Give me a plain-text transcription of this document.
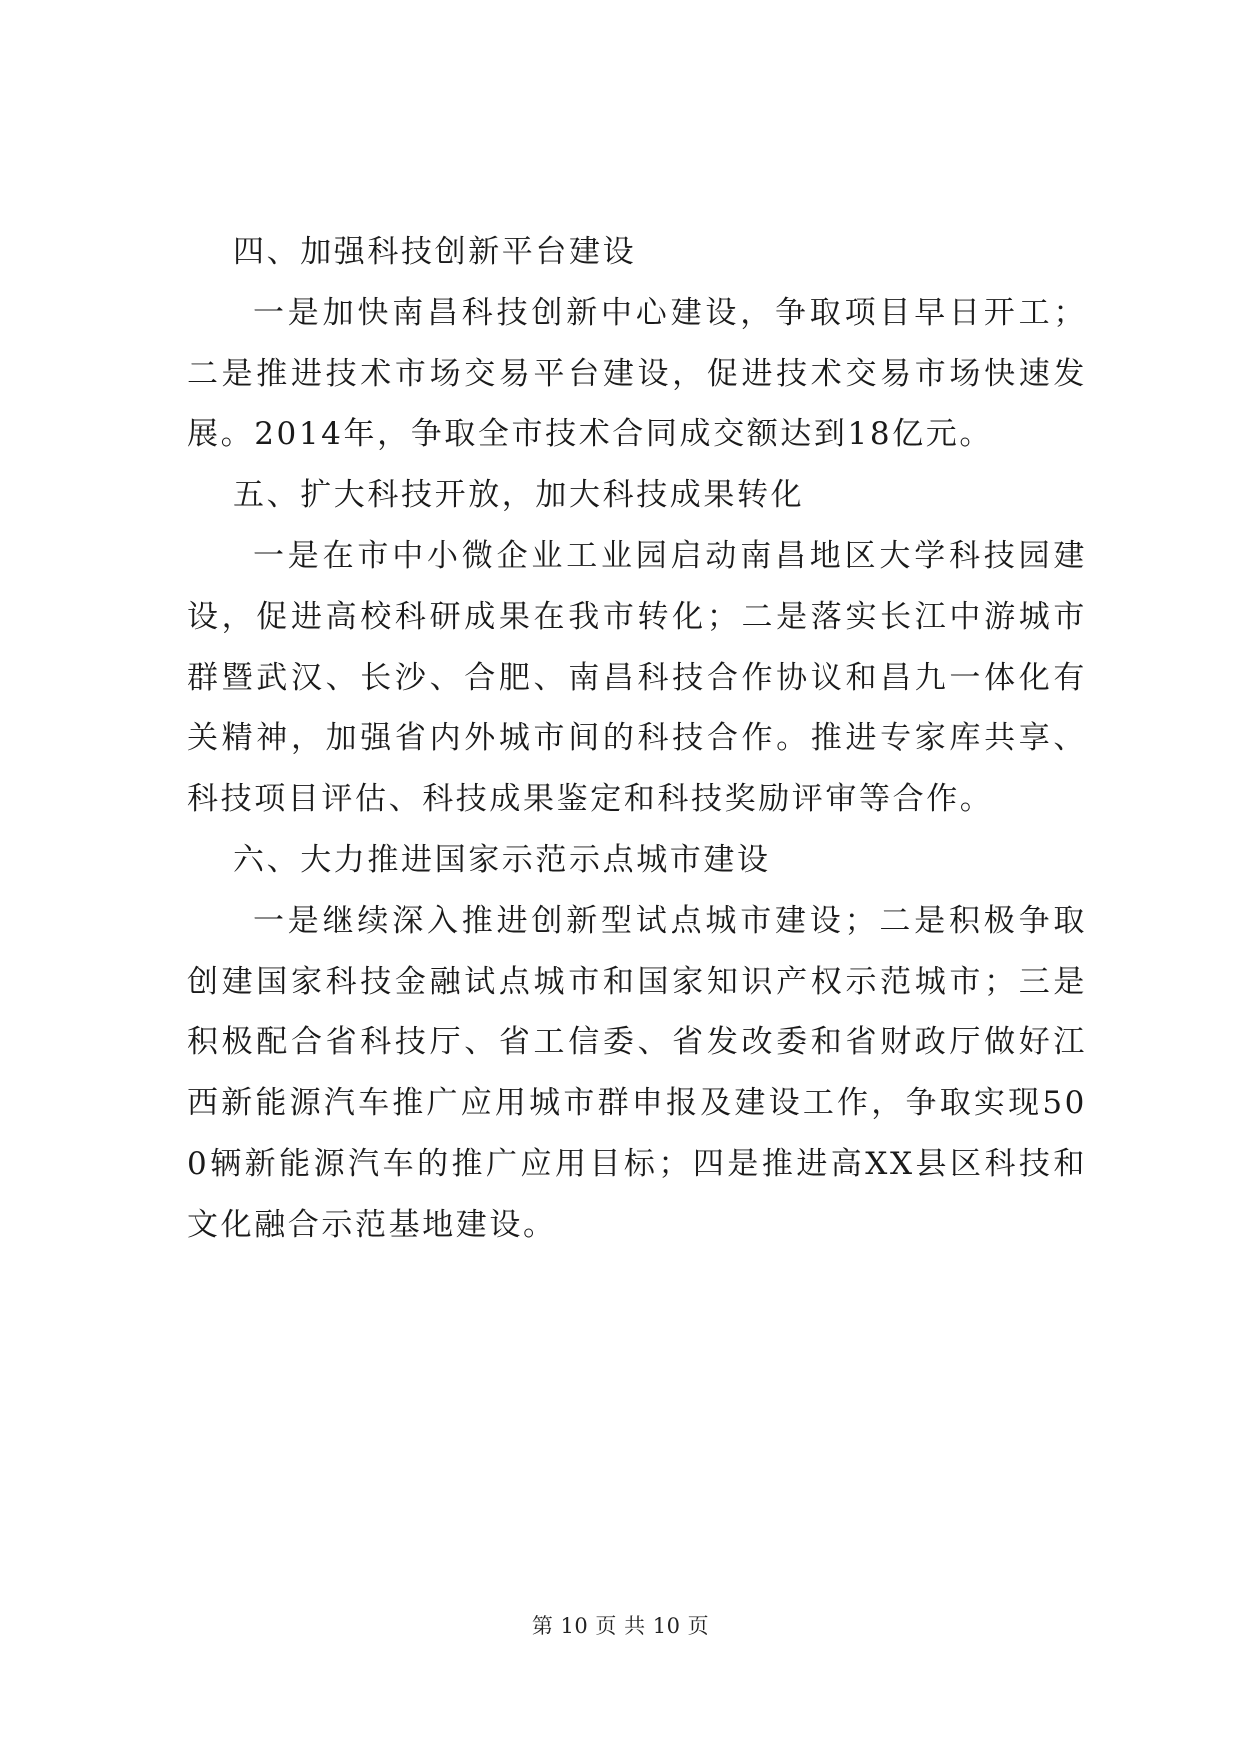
四、加强科技创新平台建设

一是加快南昌科技创新中心建设，争取项目早日开工；二是推进技术市场交易平台建设，促进技术交易市场快速发展。2014年，争取全市技术合同成交额达到18亿元。

五、扩大科技开放，加大科技成果转化

一是在市中小微企业工业园启动南昌地区大学科技园建设，促进高校科研成果在我市转化；二是落实长江中游城市群暨武汉、长沙、合肥、南昌科技合作协议和昌九一体化有关精神，加强省内外城市间的科技合作。推进专家库共享、科技项目评估、科技成果鉴定和科技奖励评审等合作。

六、大力推进国家示范示点城市建设

一是继续深入推进创新型试点城市建设；二是积极争取创建国家科技金融试点城市和国家知识产权示范城市；三是积极配合省科技厅、省工信委、省发改委和省财政厅做好江西新能源汽车推广应用城市群申报及建设工作，争取实现500辆新能源汽车的推广应用目标；四是推进高XX县区科技和文化融合示范基地建设。

第 10 页 共 10 页
